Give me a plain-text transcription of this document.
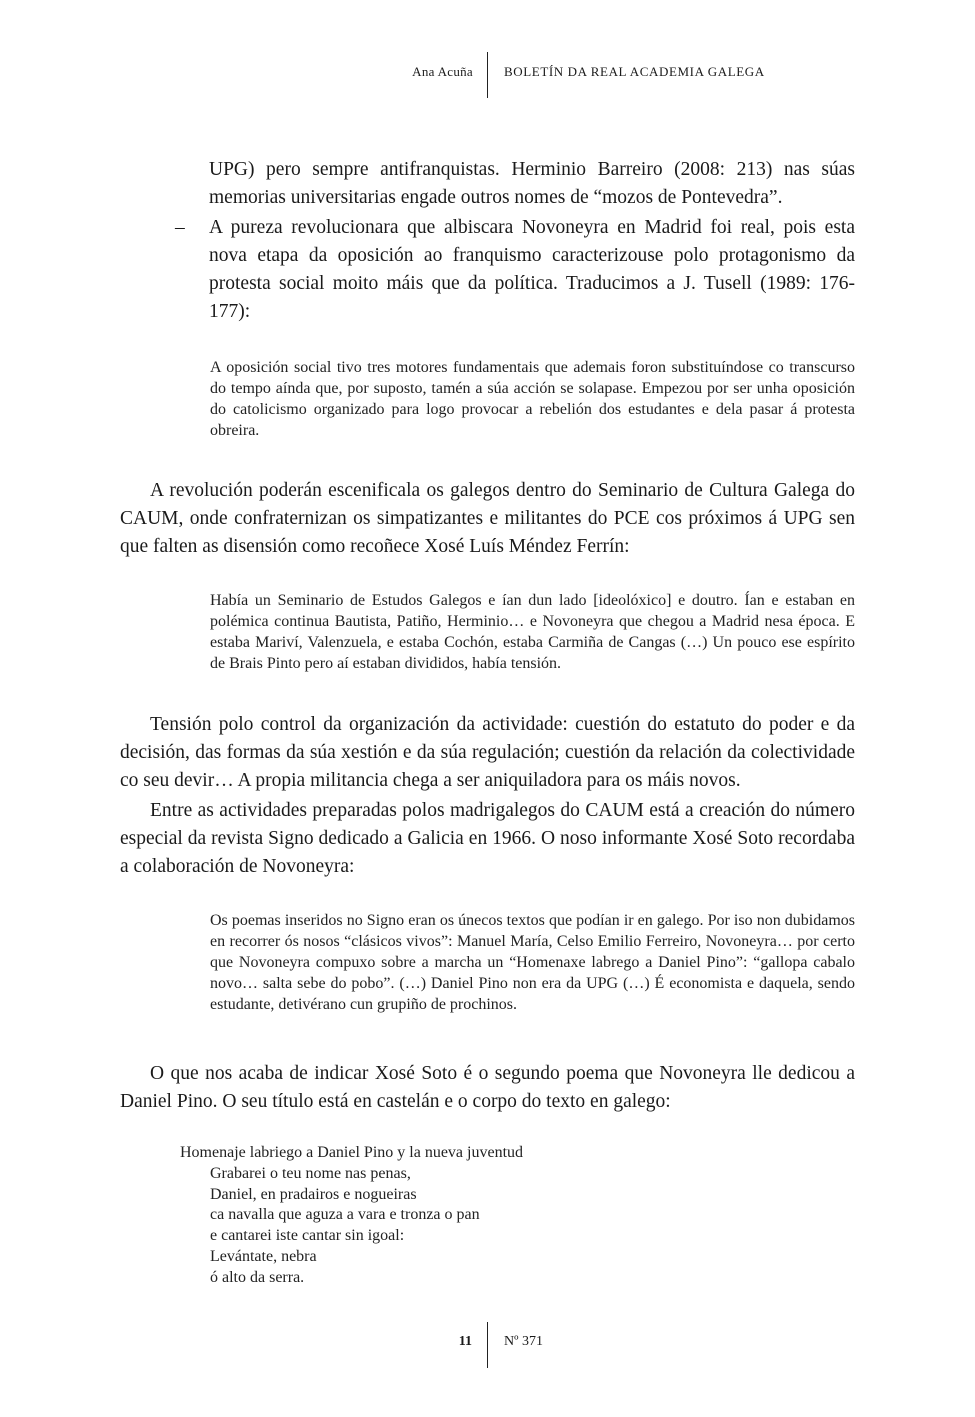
Ana Acuña BOLETÍN DA REAL ACADEMIA GALEGA

UPG) pero sempre antifranquistas. Herminio Barreiro (2008: 213) nas súas memorias universitarias engade outros nomes de “mozos de Pontevedra”.

– A pureza revolucionara que albiscara Novoneyra en Madrid foi real, pois esta nova etapa da oposición ao franquismo caracterizouse polo protagonismo da protesta social moito máis que da política. Traducimos a J. Tusell (1989: 176-177):

A oposición social tivo tres motores fundamentais que ademais foron substituíndose co transcurso do tempo aínda que, por suposto, tamén a súa acción se solapase. Empezou por ser unha oposición do catolicismo organizado para logo provocar a rebelión dos estudantes e dela pasar á protesta obreira.

A revolución poderán escenificala os galegos dentro do Seminario de Cultura Galega do CAUM, onde confraternizan os simpatizantes e militantes do PCE cos próximos á UPG sen que falten as disensión como recoñece Xosé Luís Méndez Ferrín:

Había un Seminario de Estudos Galegos e ían dun lado [ideolóxico] e doutro. Ían e estaban en polémica continua Bautista, Patiño, Herminio… e Novoneyra que chegou a Madrid nesa época. E estaba Mariví, Valenzuela, e estaba Cochón, estaba Carmiña de Cangas (…) Un pouco ese espírito de Brais Pinto pero aí estaban divididos, había tensión.

Tensión polo control da organización da actividade: cuestión do estatuto do poder e da decisión, das formas da súa xestión e da súa regulación; cuestión da relación da colectividade co seu devir… A propia militancia chega a ser aniquiladora para os máis novos.

Entre as actividades preparadas polos madrigalegos do CAUM está a creación do número especial da revista Signo dedicado a Galicia en 1966. O noso informante Xosé Soto recordaba a colaboración de Novoneyra:

Os poemas inseridos no Signo eran os únecos textos que podían ir en galego. Por iso non dubidamos en recorrer ós nosos “clásicos vivos”: Manuel María, Celso Emilio Ferreiro, Novoneyra… por certo que Novoneyra compuxo sobre a marcha un “Homenaxe labrego a Daniel Pino”: “gallopa cabalo novo… salta sebe do pobo”. (…) Daniel Pino non era da UPG (…) É economista e daquela, sendo estudante, detivérano cun grupiño de prochinos.

O que nos acaba de indicar Xosé Soto é o segundo poema que Novoneyra lle dedicou a Daniel Pino. O seu título está en castelán e o corpo do texto en galego:

Homenaje labriego a Daniel Pino y la nueva juventud
Grabarei o teu nome nas penas,
Daniel, en pradairos e nogueiras
ca navalla que aguza a vara e tronza o pan
e cantarei iste cantar sin igoal:
Levántate, nebra
ó alto da serra.
11 Nº 371
